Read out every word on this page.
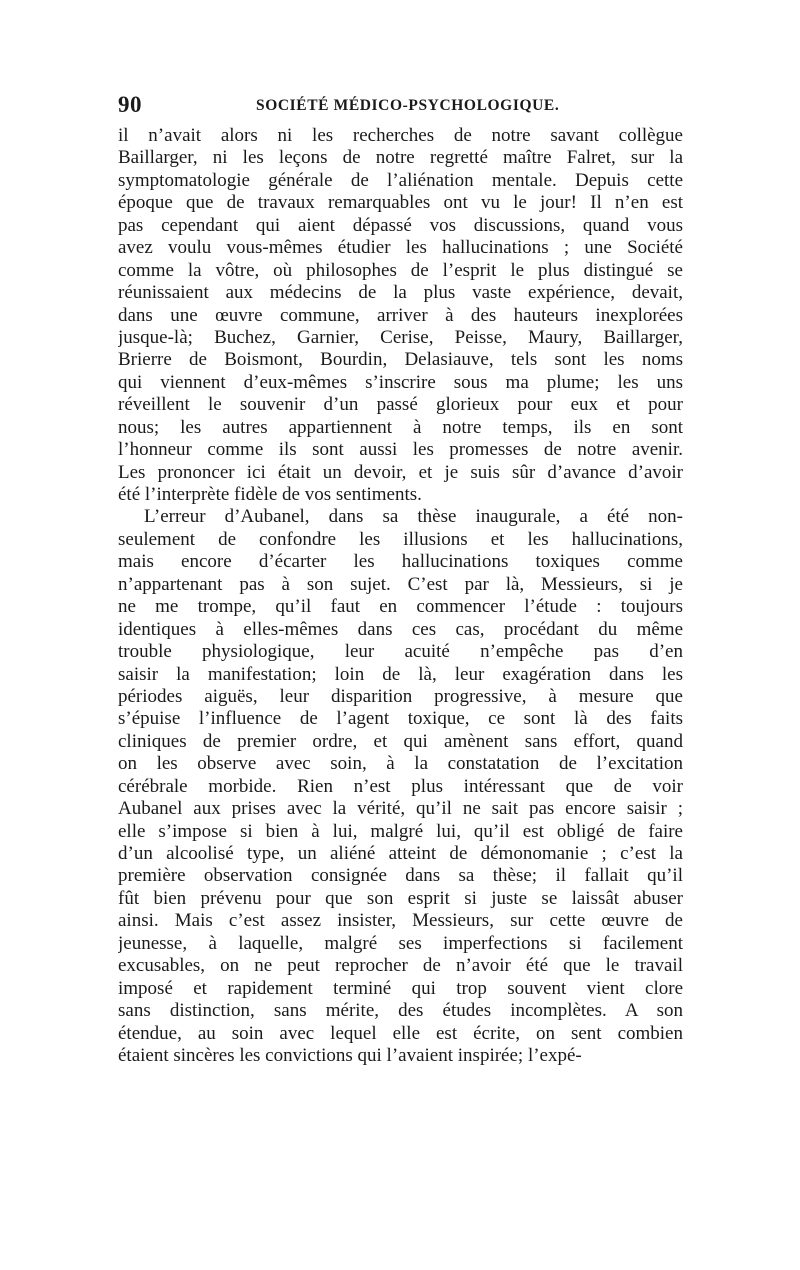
90	SOCIÉTÉ MÉDICO-PSYCHOLOGIQUE.
il n’avait alors ni les recherches de notre savant collègue
Baillarger, ni les leçons de notre regretté maître Falret, sur la
symptomatologie générale de l’aliénation mentale. Depuis cette
époque que de travaux remarquables ont vu le jour! Il n’en est
pas cependant qui aient dépassé vos discussions, quand vous
avez voulu vous-mêmes étudier les hallucinations ; une Société
comme la vôtre, où philosophes de l’esprit le plus distingué se
réunissaient aux médecins de la plus vaste expérience, devait,
dans une œuvre commune, arriver à des hauteurs inexplorées
jusque-là; Buchez, Garnier, Cerise, Peisse, Maury, Baillarger,
Brierre de Boismont, Bourdin, Delasiauve, tels sont les noms
qui viennent d’eux-mêmes s’inscrire sous ma plume; les uns
réveillent le souvenir d’un passé glorieux pour eux et pour
nous; les autres appartiennent à notre temps, ils en sont
l’honneur comme ils sont aussi les promesses de notre avenir.
Les prononcer ici était un devoir, et je suis sûr d’avance d’avoir
été l’interprète fidèle de vos sentiments.
L’erreur d’Aubanel, dans sa thèse inaugurale, a été non-
seulement de confondre les illusions et les hallucinations,
mais encore d’écarter les hallucinations toxiques comme
n’appartenant pas à son sujet. C’est par là, Messieurs, si je
ne me trompe, qu’il faut en commencer l’étude : toujours
identiques à elles-mêmes dans ces cas, procédant du même
trouble physiologique, leur acuité n’empêche pas d’en
saisir la manifestation; loin de là, leur exagération dans les
périodes aiguës, leur disparition progressive, à mesure que
s’épuise l’influence de l’agent toxique, ce sont là des faits
cliniques de premier ordre, et qui amènent sans effort, quand
on les observe avec soin, à la constatation de l’excitation
cérébrale morbide. Rien n’est plus intéressant que de voir
Aubanel aux prises avec la vérité, qu’il ne sait pas encore saisir ;
elle s’impose si bien à lui, malgré lui, qu’il est obligé de faire
d’un alcoolisé type, un aliéné atteint de démonomanie ; c’est la
première observation consignée dans sa thèse; il fallait qu’il
fût bien prévenu pour que son esprit si juste se laissât abuser
ainsi. Mais c’est assez insister, Messieurs, sur cette œuvre de
jeunesse, à laquelle, malgré ses imperfections si facilement
excusables, on ne peut reprocher de n’avoir été que le travail
imposé et rapidement terminé qui trop souvent vient clore
sans distinction, sans mérite, des études incomplètes. A son
étendue, au soin avec lequel elle est écrite, on sent combien
étaient sincères les convictions qui l’avaient inspirée; l’expé-
